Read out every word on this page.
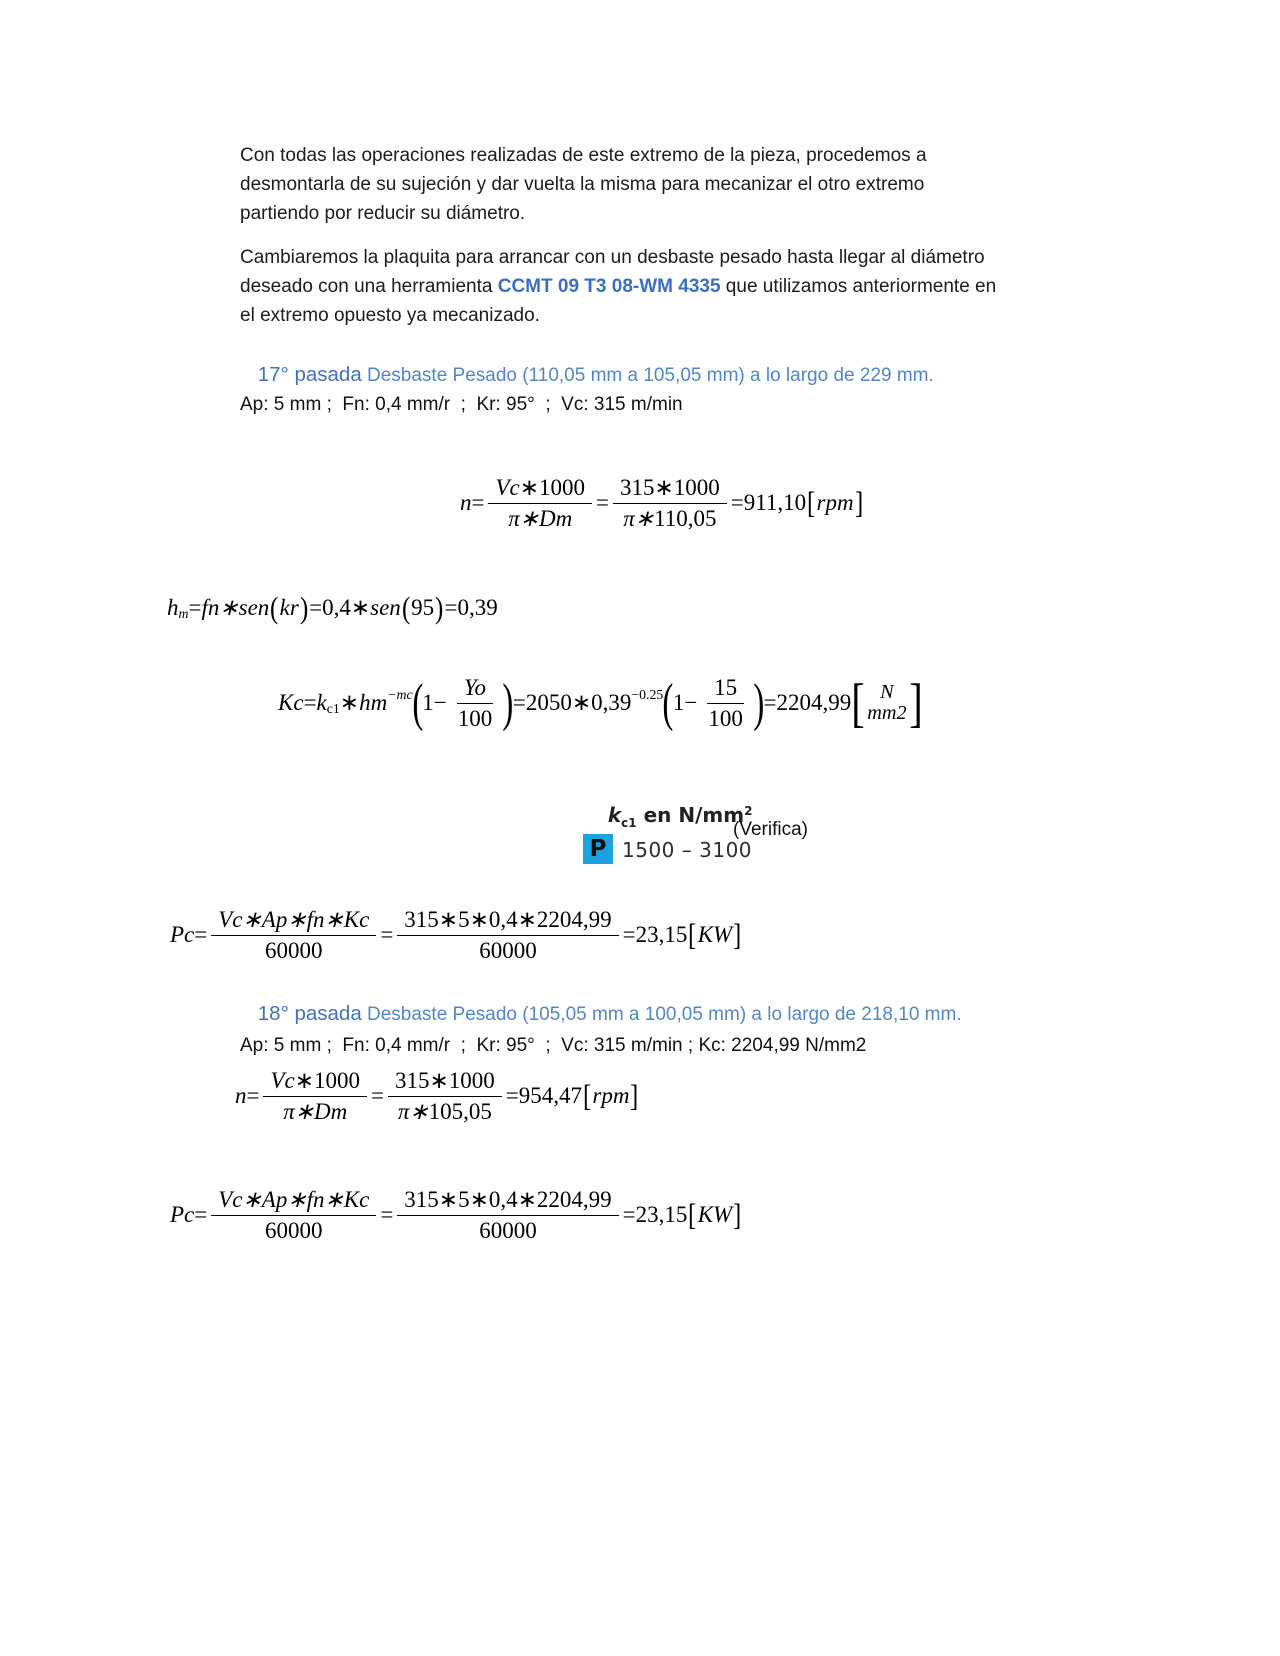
Con todas las operaciones realizadas de este extremo de la pieza, procedemos a
desmontarla de su sujeción y dar vuelta la misma para mecanizar el otro extremo
partiendo por reducir su diámetro.
Cambiaremos la plaquita para arrancar con un desbaste pesado hasta llegar al diámetro
deseado con una herramienta CCMT 09 T3 08-WM 4335 que utilizamos anteriormente en
el extremo opuesto ya mecanizado.

17° pasada Desbaste Pesado (110,05 mm a 105,05 mm) a lo largo de 229 mm.

Ap: 5 mm ;  Fn: 0,4 mm/r  ;  Kr: 95°  ;  Vc: 315 m/min
$n = \frac{Vc∗1000}{\pi∗Dm} = \frac{315∗1000}{\pi∗110,05} =911,10$ [ rpm ]
h m = fn∗sen ( kr ) =0,4∗ sen ( 95 ) =0,39
Kc = k c1 ∗ hm −mc ( $1- \frac{Yo}{100}$ ) =2050∗0,39 −0.25 ( $1- \frac{15}{100}$ ) =2204,99 [ N
mm2 ]

$k_{c1}$ en $N/mm^2$

P 1500 – 3100
(Verifica)
$Pc = \frac{Vc∗Ap∗fn∗Kc}{60000} = \frac{315∗5∗0,4∗2204,99}{60000} =23,15$ [ KW ]

18° pasada Desbaste Pesado (105,05 mm a 100,05 mm) a lo largo de 218,10 mm.

Ap: 5 mm ;  Fn: 0,4 mm/r  ;  Kr: 95°  ;  Vc: 315 m/min ; Kc: 2204,99 N/mm2
$n = \frac{Vc∗1000}{\pi∗Dm} = \frac{315∗1000}{\pi∗105,05} =954,47$ [ rpm ]
$Pc = \frac{Vc∗Ap∗fn∗Kc}{60000} = \frac{315∗5∗0,4∗2204,99}{60000} =23,15$ [ KW ]
